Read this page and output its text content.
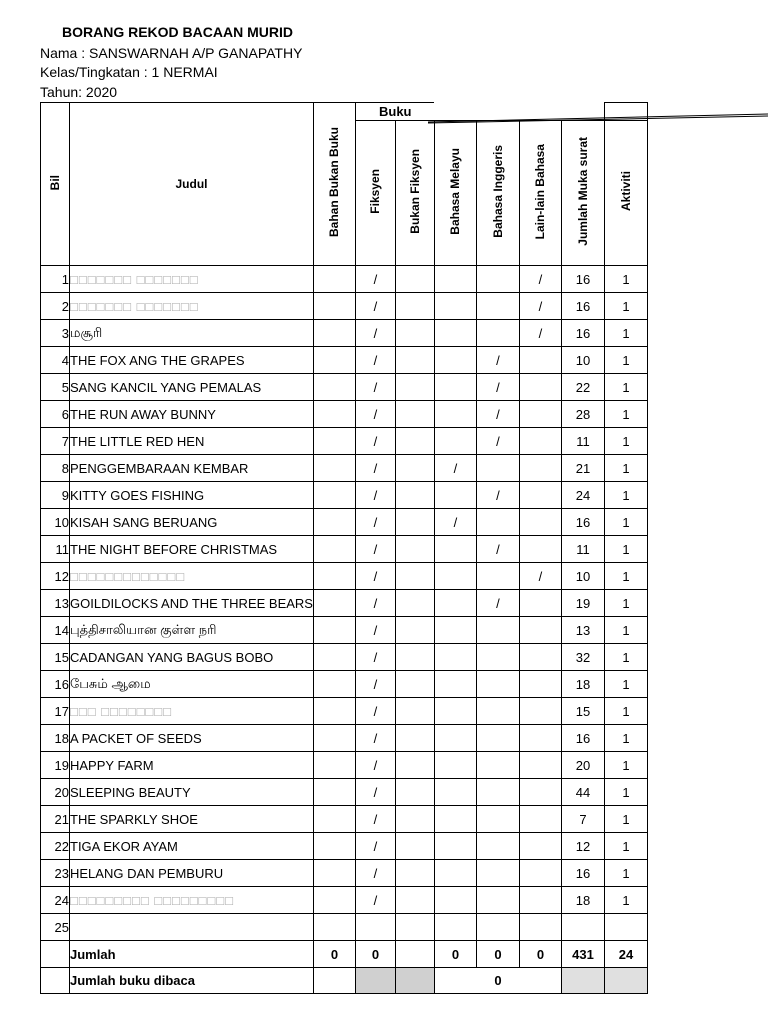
BORANG REKOD BACAAN MURID
Nama : SANSWARNAH A/P GANAPATHY
Kelas/Tingkatan : 1 NERMAI
Tahun: 2020
Bil	Judul	Bahan Bukan Buku	Buku						
			Fiksyen	Bukan Fiksyen	Bahasa Melayu	Bahasa Inggeris	Lain-lain Bahasa	Jumlah Muka surat	Aktiviti
1	□□□□□□□ □□□□□□□		/				/	16	1
2	□□□□□□□ □□□□□□□		/				/	16	1
3	மசூரி		/				/	16	1
4	THE FOX ANG THE GRAPES		/			/		10	1
5	SANG KANCIL YANG PEMALAS		/			/		22	1
6	THE RUN AWAY BUNNY		/			/		28	1
7	THE LITTLE RED HEN		/			/		11	1
8	PENGGEMBARAAN KEMBAR		/		/			21	1
9	KITTY GOES FISHING		/			/		24	1
10	KISAH SANG BERUANG		/		/			16	1
11	THE NIGHT BEFORE CHRISTMAS		/			/		11	1
12	□□□□□□□□□□□□□		/				/	10	1
13	GOILDILOCKS AND THE THREE BEARS		/			/		19	1
14	புத்திசாலியான குள்ள நரி		/					13	1
15	CADANGAN YANG BAGUS BOBO		/					32	1
16	பேசும் ஆமை		/					18	1
17	□□□ □□□□□□□□		/					15	1
18	A PACKET OF SEEDS		/					16	1
19	HAPPY FARM		/					20	1
20	SLEEPING BEAUTY		/					44	1
21	THE SPARKLY SHOE		/					7	1
22	TIGA EKOR AYAM		/					12	1
23	HELANG DAN PEMBURU		/					16	1
24	□□□□□□□□□ □□□□□□□□□		/					18	1
25									
	Jumlah	0	0		0	0	0	431	24
	Jumlah buku dibaca				0				
